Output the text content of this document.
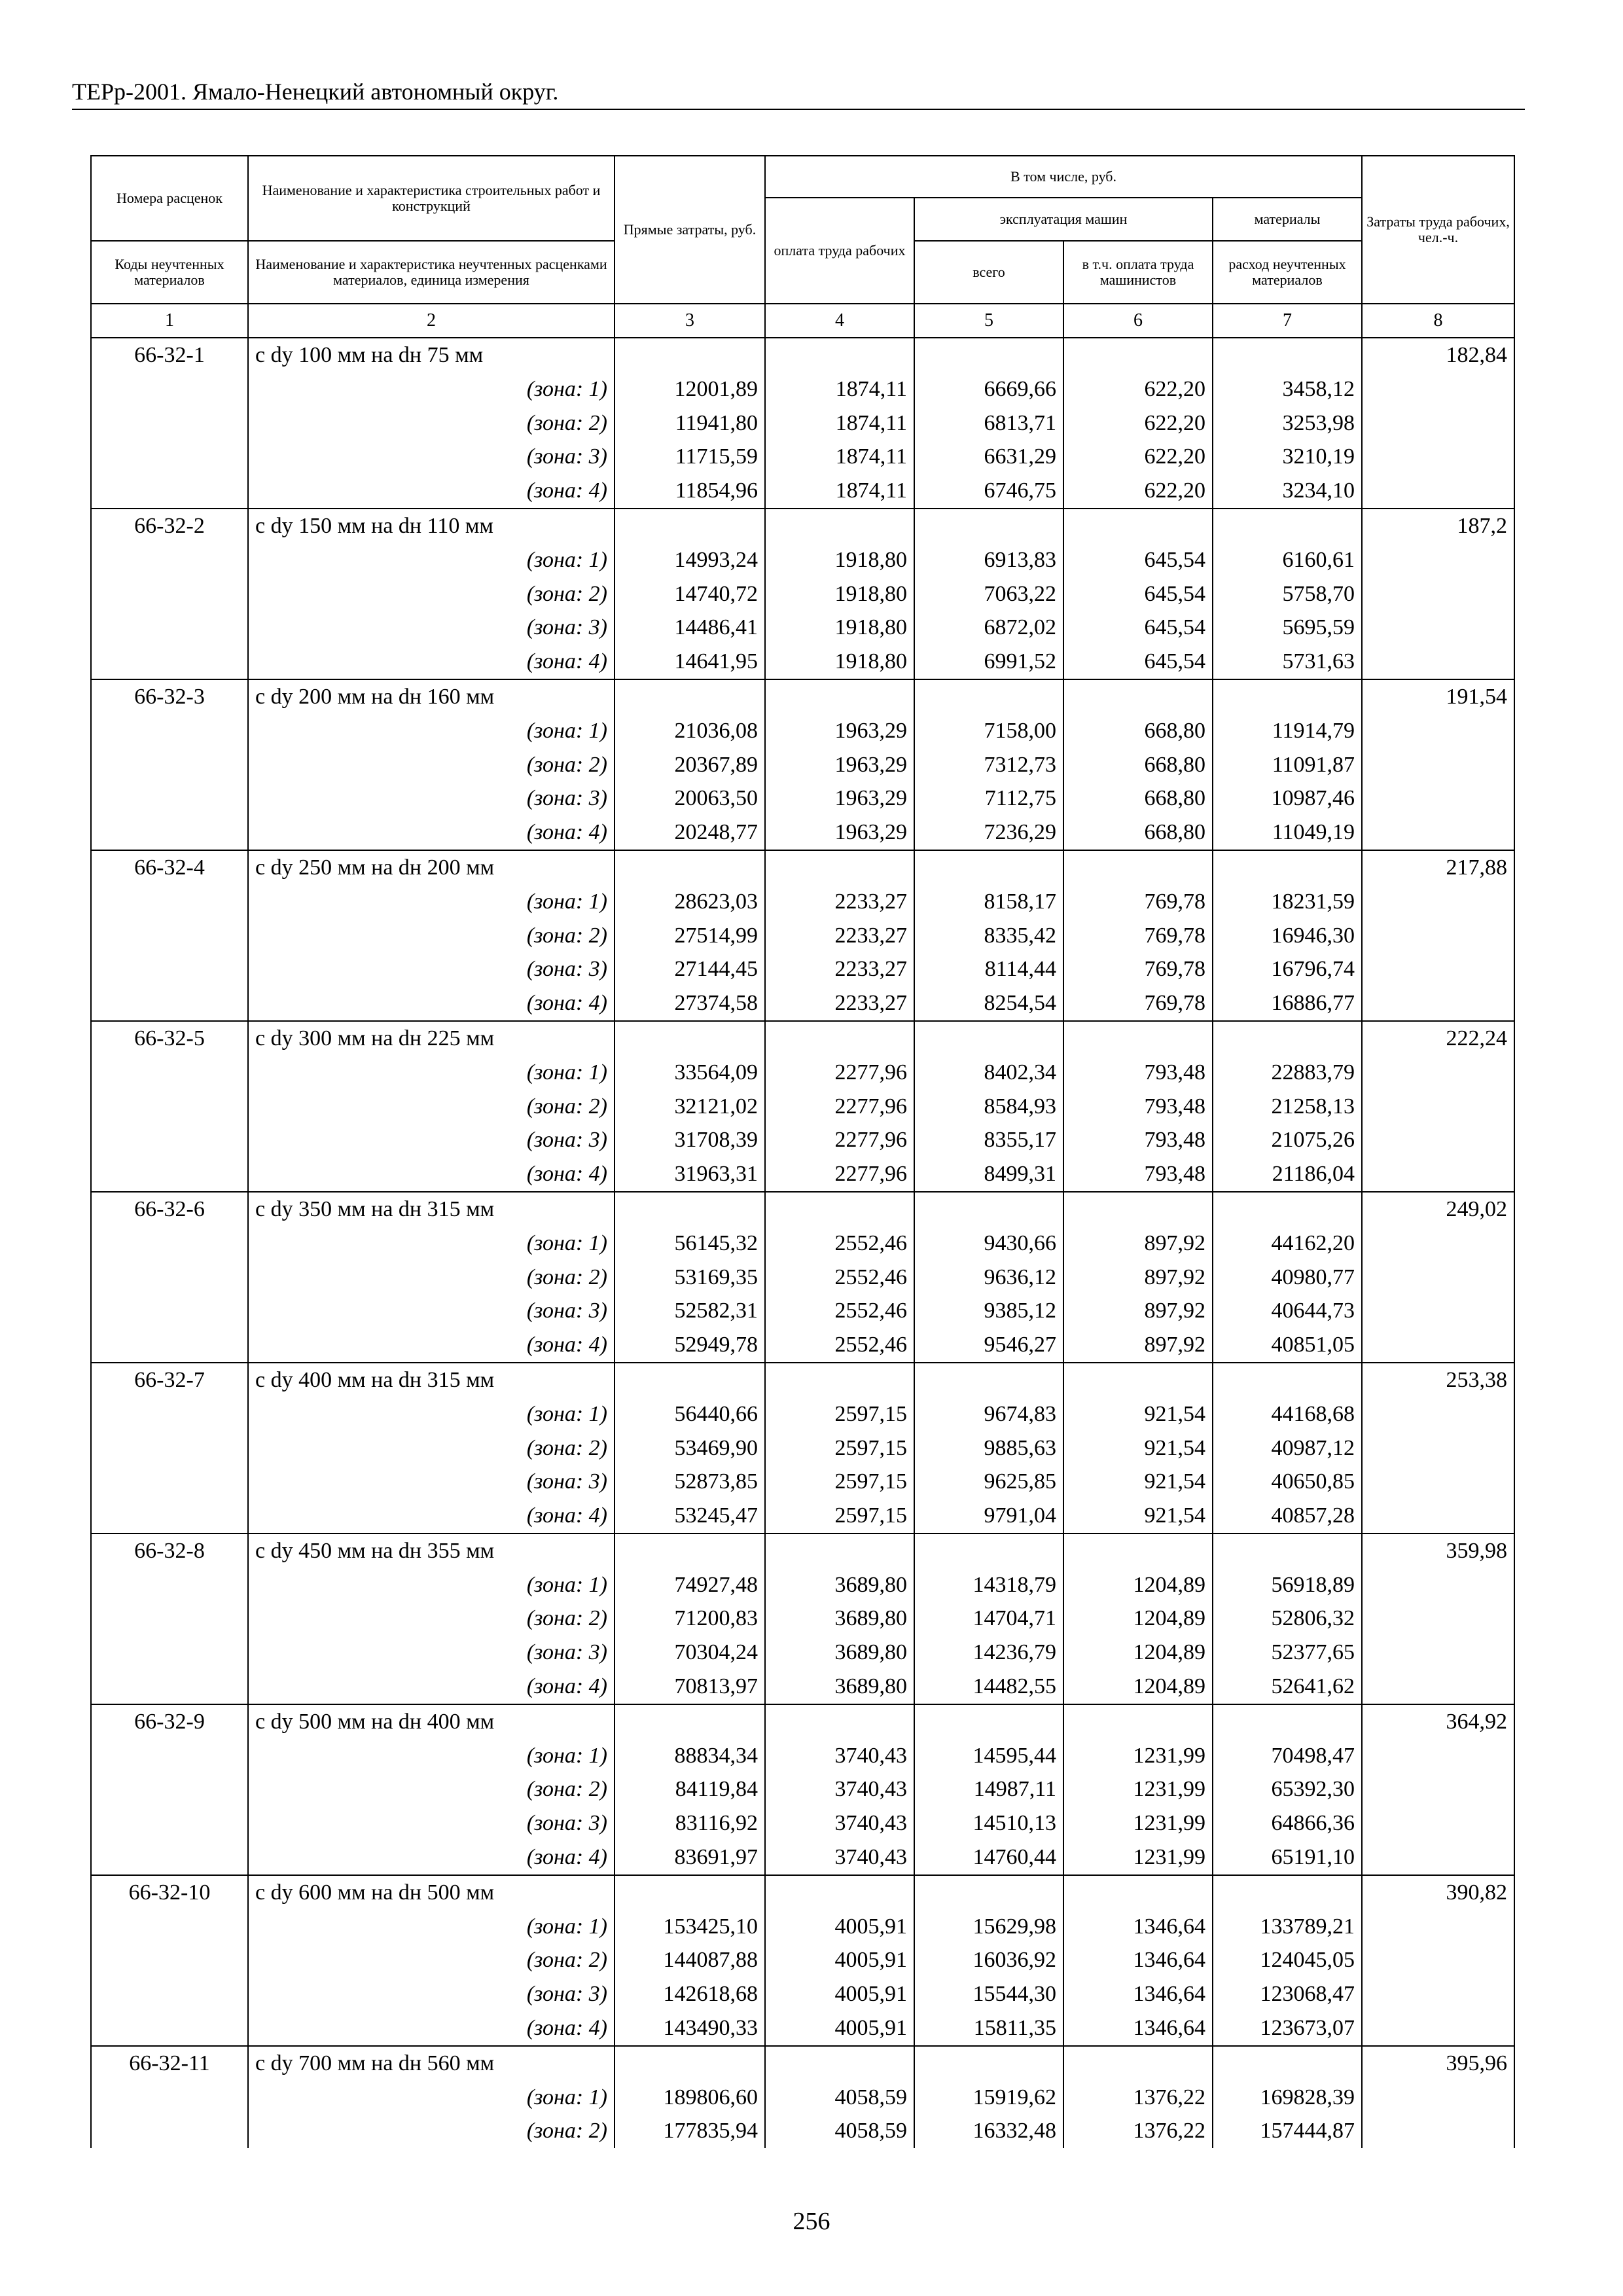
ТЕРр-2001. Ямало-Ненецкий автономный округ.
Номера расценок	Наименование и характеристика строительных работ и конструкций	Прямые затраты, руб.	В том числе, руб.				Затраты труда рабочих, чел.-ч.
			оплата труда рабочих	эксплуатация машин		материалы	
Коды неучтенных материалов	Наименование и характеристика неучтенных расценками материалов, единица измерения			всего	в т.ч. оплата труда машинистов	расход неучтенных материалов	
1	2	3	4	5	6	7	8
66-32-1	с dу 100 мм на dн 75 мм						182,84
	(зона: 1)	12001,89	1874,11	6669,66	622,20	3458,12	
	(зона: 2)	11941,80	1874,11	6813,71	622,20	3253,98	
	(зона: 3)	11715,59	1874,11	6631,29	622,20	3210,19	
	(зона: 4)	11854,96	1874,11	6746,75	622,20	3234,10	
66-32-2	с dу 150 мм на dн 110 мм						187,2
	(зона: 1)	14993,24	1918,80	6913,83	645,54	6160,61	
	(зона: 2)	14740,72	1918,80	7063,22	645,54	5758,70	
	(зона: 3)	14486,41	1918,80	6872,02	645,54	5695,59	
	(зона: 4)	14641,95	1918,80	6991,52	645,54	5731,63	
66-32-3	с dу 200 мм на dн 160 мм						191,54
	(зона: 1)	21036,08	1963,29	7158,00	668,80	11914,79	
	(зона: 2)	20367,89	1963,29	7312,73	668,80	11091,87	
	(зона: 3)	20063,50	1963,29	7112,75	668,80	10987,46	
	(зона: 4)	20248,77	1963,29	7236,29	668,80	11049,19	
66-32-4	с dу 250 мм на dн 200 мм						217,88
	(зона: 1)	28623,03	2233,27	8158,17	769,78	18231,59	
	(зона: 2)	27514,99	2233,27	8335,42	769,78	16946,30	
	(зона: 3)	27144,45	2233,27	8114,44	769,78	16796,74	
	(зона: 4)	27374,58	2233,27	8254,54	769,78	16886,77	
66-32-5	с dу 300 мм на dн 225 мм						222,24
	(зона: 1)	33564,09	2277,96	8402,34	793,48	22883,79	
	(зона: 2)	32121,02	2277,96	8584,93	793,48	21258,13	
	(зона: 3)	31708,39	2277,96	8355,17	793,48	21075,26	
	(зона: 4)	31963,31	2277,96	8499,31	793,48	21186,04	
66-32-6	с dу 350 мм на dн 315 мм						249,02
	(зона: 1)	56145,32	2552,46	9430,66	897,92	44162,20	
	(зона: 2)	53169,35	2552,46	9636,12	897,92	40980,77	
	(зона: 3)	52582,31	2552,46	9385,12	897,92	40644,73	
	(зона: 4)	52949,78	2552,46	9546,27	897,92	40851,05	
66-32-7	с dу 400 мм на dн 315 мм						253,38
	(зона: 1)	56440,66	2597,15	9674,83	921,54	44168,68	
	(зона: 2)	53469,90	2597,15	9885,63	921,54	40987,12	
	(зона: 3)	52873,85	2597,15	9625,85	921,54	40650,85	
	(зона: 4)	53245,47	2597,15	9791,04	921,54	40857,28	
66-32-8	с dу 450 мм на dн 355 мм						359,98
	(зона: 1)	74927,48	3689,80	14318,79	1204,89	56918,89	
	(зона: 2)	71200,83	3689,80	14704,71	1204,89	52806,32	
	(зона: 3)	70304,24	3689,80	14236,79	1204,89	52377,65	
	(зона: 4)	70813,97	3689,80	14482,55	1204,89	52641,62	
66-32-9	с dу 500 мм на dн 400 мм						364,92
	(зона: 1)	88834,34	3740,43	14595,44	1231,99	70498,47	
	(зона: 2)	84119,84	3740,43	14987,11	1231,99	65392,30	
	(зона: 3)	83116,92	3740,43	14510,13	1231,99	64866,36	
	(зона: 4)	83691,97	3740,43	14760,44	1231,99	65191,10	
66-32-10	с dу 600 мм на dн 500 мм						390,82
	(зона: 1)	153425,10	4005,91	15629,98	1346,64	133789,21	
	(зона: 2)	144087,88	4005,91	16036,92	1346,64	124045,05	
	(зона: 3)	142618,68	4005,91	15544,30	1346,64	123068,47	
	(зона: 4)	143490,33	4005,91	15811,35	1346,64	123673,07	
66-32-11	с dу 700 мм на dн 560 мм						395,96
	(зона: 1)	189806,60	4058,59	15919,62	1376,22	169828,39	
	(зона: 2)	177835,94	4058,59	16332,48	1376,22	157444,87	
256
